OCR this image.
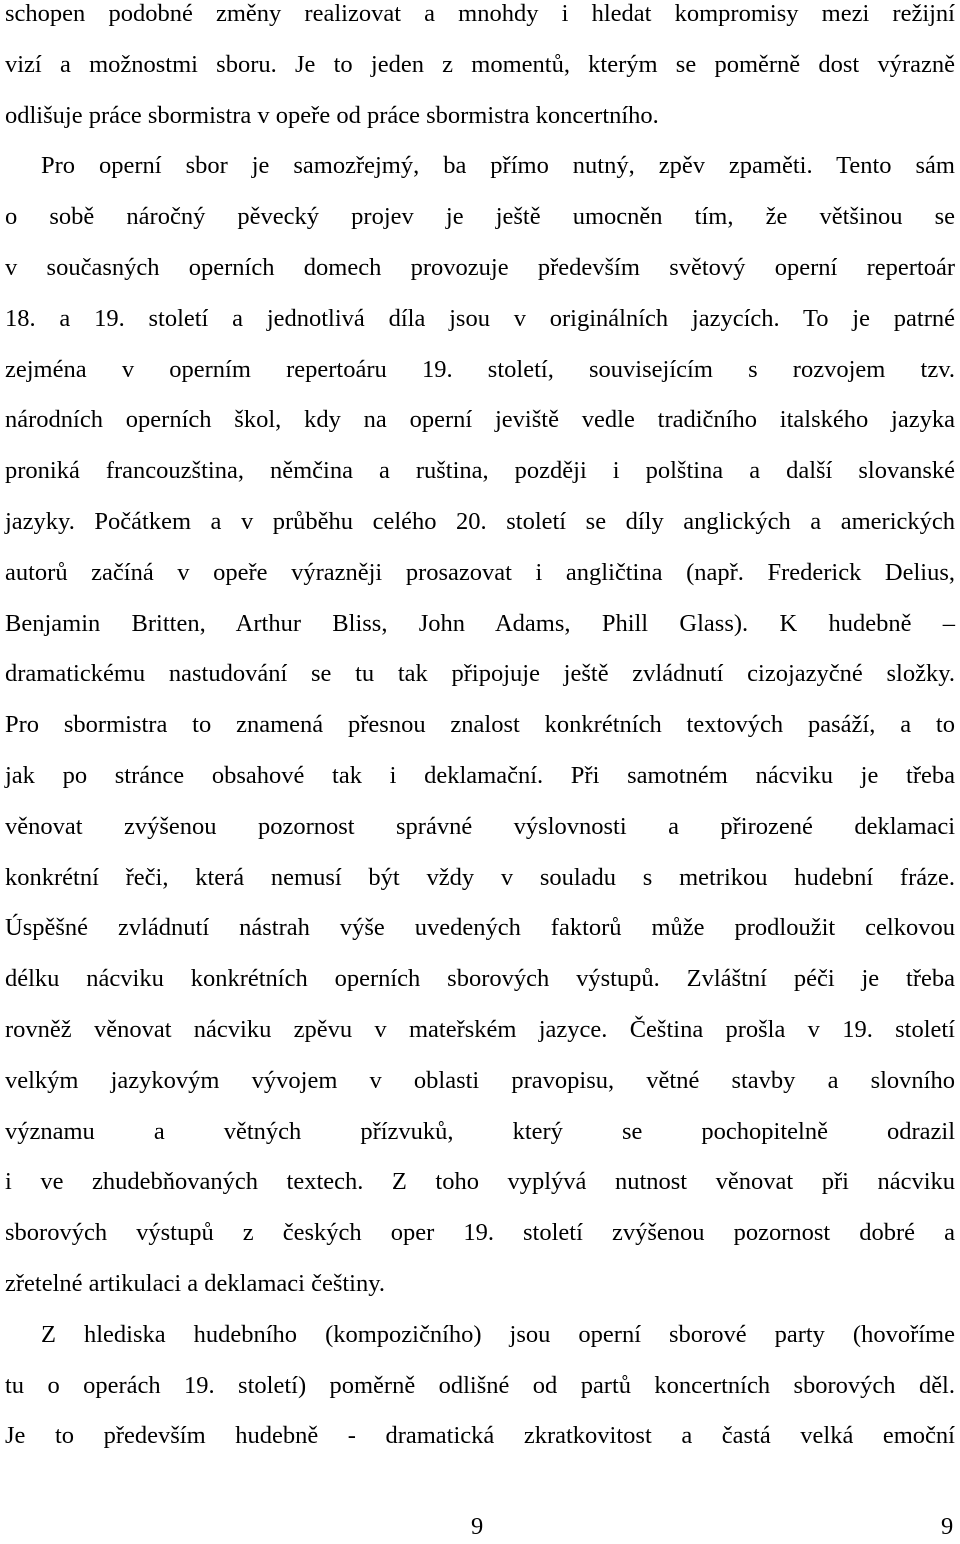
schopen podobné změny realizovat a mnohdy i hledat kompromisy mezi režijní
vizí a možnostmi sboru. Je to jeden z momentů, kterým se poměrně dost výrazně
odlišuje práce sbormistra v opeře od práce sbormistra koncertního.
Pro operní sbor je samozřejmý, ba přímo nutný, zpěv zpaměti. Tento sám
o sobě náročný pěvecký projev je ještě umocněn tím, že většinou se
v současných operních domech provozuje především světový operní repertoár
18. a 19. století a jednotlivá díla jsou v originálních jazycích. To je patrné
zejména v operním repertoáru 19. století, souvisejícím s rozvojem tzv.
národních operních škol, kdy na operní jeviště vedle tradičního italského jazyka
proniká francouzština, němčina a ruština, později i polština a další slovanské
jazyky. Počátkem a v průběhu celého 20. století se díly anglických a amerických
autorů začíná v opeře výrazněji prosazovat i angličtina (např. Frederick Delius,
Benjamin Britten, Arthur Bliss, John Adams, Phill Glass). K hudebně –
dramatickému nastudování se tu tak připojuje ještě zvládnutí cizojazyčné složky.
Pro sbormistra to znamená přesnou znalost konkrétních textových pasáží, a to
jak po stránce obsahové tak i deklamační. Při samotném nácviku je třeba
věnovat zvýšenou pozornost správné výslovnosti a přirozené deklamaci
konkrétní řeči, která nemusí být vždy v souladu s metrikou hudební fráze.
Úspěšné zvládnutí nástrah výše uvedených faktorů může prodloužit celkovou
délku nácviku konkrétních operních sborových výstupů. Zvláštní péči je třeba
rovněž věnovat nácviku zpěvu v mateřském jazyce. Čeština prošla v 19. století
velkým jazykovým vývojem v oblasti pravopisu, větné stavby a slovního
významu a větných přízvuků, který se pochopitelně odrazil
i ve zhudebňovaných textech. Z toho vyplývá nutnost věnovat při nácviku
sborových výstupů z českých oper 19. století zvýšenou pozornost dobré a
zřetelné artikulaci a deklamaci češtiny.
Z hlediska hudebního (kompozičního) jsou operní sborové party (hovoříme
tu o operách 19. století) poměrně odlišné od partů koncertních sborových děl.
Je to především hudebně - dramatická zkratkovitost a častá velká emoční
9	9
